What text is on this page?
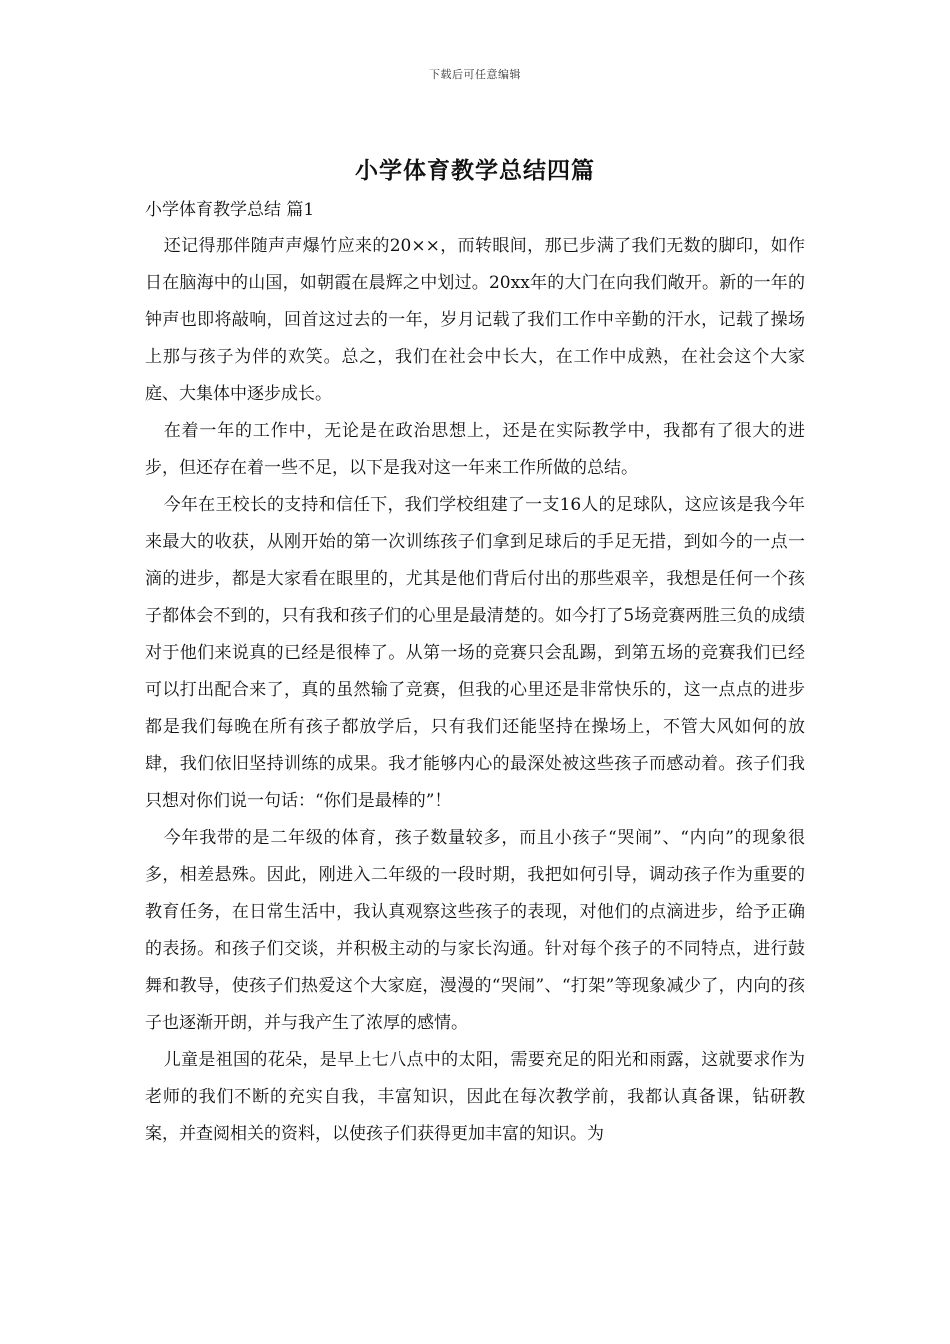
下载后可任意编辑
小学体育教学总结四篇
小学体育教学总结 篇1

还记得那伴随声声爆竹应来的20××，而转眼间，那已步满了我们无数的脚印，如作日在脑海中的山国，如朝霞在晨辉之中划过。20xx年的大门在向我们敞开。新的一年的钟声也即将敲响，回首这过去的一年，岁月记载了我们工作中辛勤的汗水，记载了操场上那与孩子为伴的欢笑。总之，我们在社会中长大，在工作中成熟，在社会这个大家庭、大集体中逐步成长。

在着一年的工作中，无论是在政治思想上，还是在实际教学中，我都有了很大的进步，但还存在着一些不足，以下是我对这一年来工作所做的总结。

今年在王校长的支持和信任下，我们学校组建了一支16人的足球队，这应该是我今年来最大的收获，从刚开始的第一次训练孩子们拿到足球后的手足无措，到如今的一点一滴的进步，都是大家看在眼里的，尤其是他们背后付出的那些艰辛，我想是任何一个孩子都体会不到的，只有我和孩子们的心里是最清楚的。如今打了5场竞赛两胜三负的成绩对于他们来说真的已经是很棒了。从第一场的竞赛只会乱踢，到第五场的竞赛我们已经可以打出配合来了，真的虽然输了竞赛，但我的心里还是非常快乐的，这一点点的进步都是我们每晚在所有孩子都放学后，只有我们还能坚持在操场上，不管大风如何的放肆，我们依旧坚持训练的成果。我才能够内心的最深处被这些孩子而感动着。孩子们我只想对你们说一句话：“你们是最棒的”！

今年我带的是二年级的体育，孩子数量较多，而且小孩子“哭闹”、“内向”的现象很多，相差悬殊。因此，刚进入二年级的一段时期，我把如何引导，调动孩子作为重要的教育任务，在日常生活中，我认真观察这些孩子的表现，对他们的点滴进步，给予正确的表扬。和孩子们交谈，并积极主动的与家长沟通。针对每个孩子的不同特点，进行鼓舞和教导，使孩子们热爱这个大家庭，漫漫的“哭闹”、“打架”等现象减少了，内向的孩子也逐渐开朗，并与我产生了浓厚的感情。

儿童是祖国的花朵，是早上七八点中的太阳，需要充足的阳光和雨露，这就要求作为老师的我们不断的充实自我，丰富知识，因此在每次教学前，我都认真备课，钻研教案，并查阅相关的资料，以使孩子们获得更加丰富的知识。为
